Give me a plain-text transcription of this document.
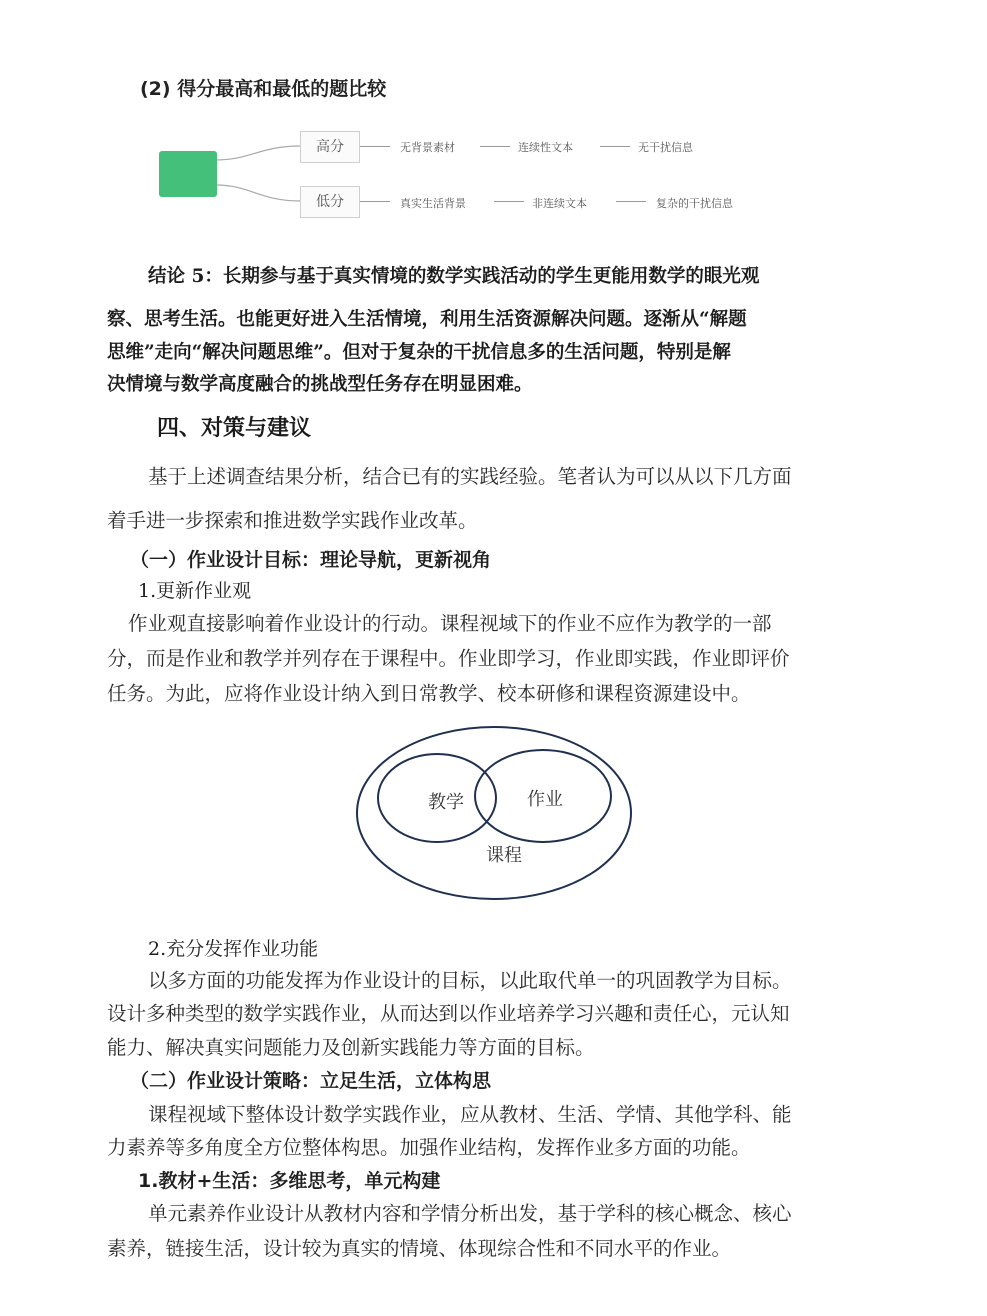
(2) 得分最高和最低的题比较
高分	无背景素材	连续性文本	无干扰信息
低分	真实生活背景	非连续文本	复杂的干扰信息
结论 5：长期参与基于真实情境的数学实践活动的学生更能用数学的眼光观
察、思考生活。也能更好进入生活情境，利用生活资源解决问题。逐渐从“解题
思维”走向“解决问题思维”。但对于复杂的干扰信息多的生活问题，特别是解
决情境与数学高度融合的挑战型任务存在明显困难。
四、对策与建议
基于上述调查结果分析，结合已有的实践经验。笔者认为可以从以下几方面
着手进一步探索和推进数学实践作业改革。
（一）作业设计目标：理论导航，更新视角
1.更新作业观
作业观直接影响着作业设计的行动。课程视域下的作业不应作为教学的一部
分，而是作业和教学并列存在于课程中。作业即学习，作业即实践，作业即评价
任务。为此，应将作业设计纳入到日常教学、校本研修和课程资源建设中。
教学	作业
课程
2.充分发挥作业功能
以多方面的功能发挥为作业设计的目标，以此取代单一的巩固教学为目标。
设计多种类型的数学实践作业，从而达到以作业培养学习兴趣和责任心，元认知
能力、解决真实问题能力及创新实践能力等方面的目标。
（二）作业设计策略：立足生活，立体构思
课程视域下整体设计数学实践作业，应从教材、生活、学情、其他学科、能
力素养等多角度全方位整体构思。加强作业结构，发挥作业多方面的功能。
1.教材+生活：多维思考，单元构建
单元素养作业设计从教材内容和学情分析出发，基于学科的核心概念、核心
素养，链接生活，设计较为真实的情境、体现综合性和不同水平的作业。
